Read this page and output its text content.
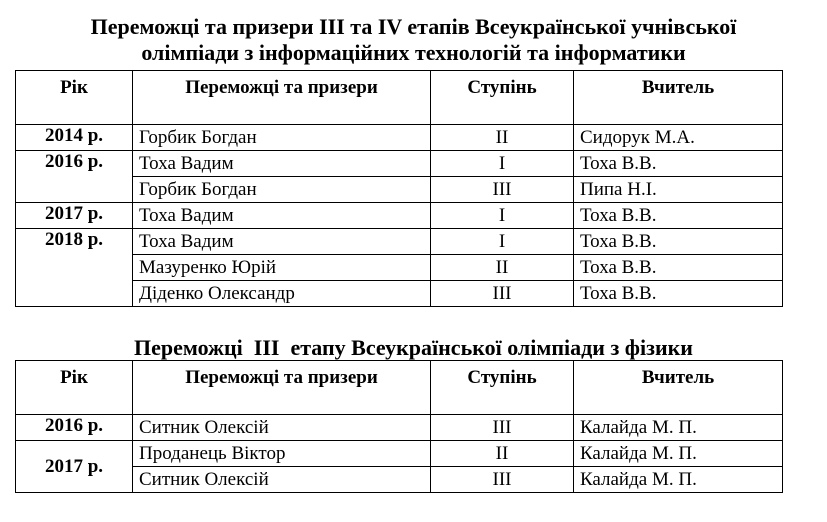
Переможці та призери ІІІ та IV етапів Всеукраїнської учнівської
олімпіади з інформаційних технологій та інформатики
Рік	Переможці та призери	Ступінь	Вчитель
2014 р.	Горбик Богдан	ІІ	Сидорук М.А.
2016 р.	Тоха Вадим	І	Тоха В.В.
	Горбик Богдан	ІІІ	Пипа Н.І.
2017 р.	Тоха Вадим	І	Тоха В.В.
2018 р.	Тоха Вадим	І	Тоха В.В.
	Мазуренко Юрій	ІІ	Тоха В.В.
	Діденко Олександр	ІІІ	Тоха В.В.
Переможці  ІІІ  етапу Всеукраїнської олімпіади з фізики
Рік	Переможці та призери	Ступінь	Вчитель
2016 р.	Ситник Олексій	ІІІ	Калайда М. П.
2017 р.	Проданець Віктор	ІІ	Калайда М. П.
	Ситник Олексій	ІІІ	Калайда М. П.
